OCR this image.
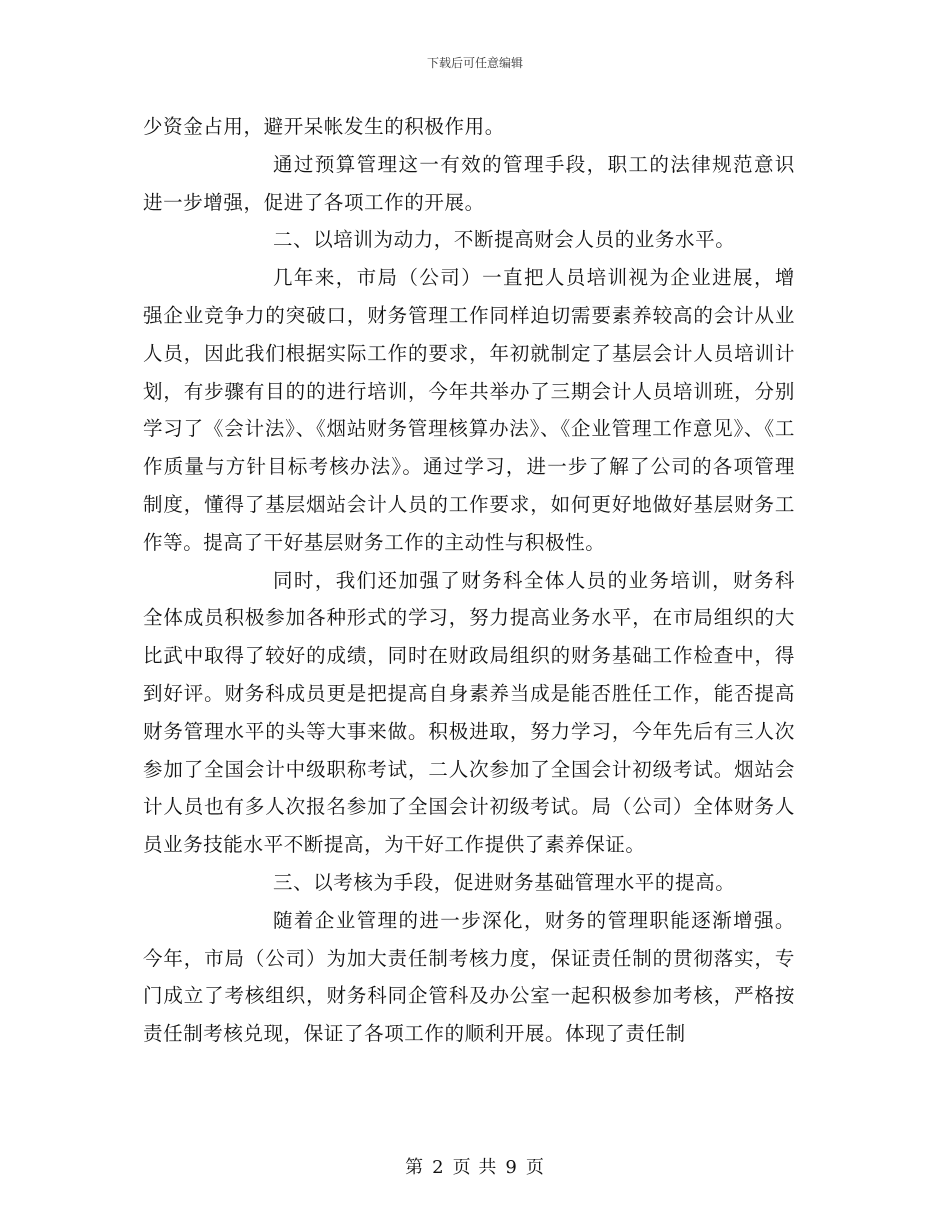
下载后可任意编辑

少资金占用，避开呆帐发生的积极作用。

通过预算管理这一有效的管理手段，职工的法律规范意识进一步增强，促进了各项工作的开展。

二、以培训为动力，不断提高财会人员的业务水平。

几年来，市局（公司）一直把人员培训视为企业进展，增强企业竞争力的突破口，财务管理工作同样迫切需要素养较高的会计从业人员，因此我们根据实际工作的要求，年初就制定了基层会计人员培训计划，有步骤有目的的进行培训，今年共举办了三期会计人员培训班，分别学习了《会计法》、《烟站财务管理核算办法》、《企业管理工作意见》、《工作质量与方针目标考核办法》。通过学习，进一步了解了公司的各项管理制度，懂得了基层烟站会计人员的工作要求，如何更好地做好基层财务工作等。提高了干好基层财务工作的主动性与积极性。

同时，我们还加强了财务科全体人员的业务培训，财务科全体成员积极参加各种形式的学习，努力提高业务水平，在市局组织的大比武中取得了较好的成绩，同时在财政局组织的财务基础工作检查中，得到好评。财务科成员更是把提高自身素养当成是能否胜任工作，能否提高财务管理水平的头等大事来做。积极进取，努力学习，今年先后有三人次参加了全国会计中级职称考试，二人次参加了全国会计初级考试。烟站会计人员也有多人次报名参加了全国会计初级考试。局（公司）全体财务人员业务技能水平不断提高，为干好工作提供了素养保证。

三、以考核为手段，促进财务基础管理水平的提高。

随着企业管理的进一步深化，财务的管理职能逐渐增强。今年，市局（公司）为加大责任制考核力度，保证责任制的贯彻落实，专门成立了考核组织，财务科同企管科及办公室一起积极参加考核，严格按责任制考核兑现，保证了各项工作的顺利开展。体现了责任制

第 2 页 共 9 页
